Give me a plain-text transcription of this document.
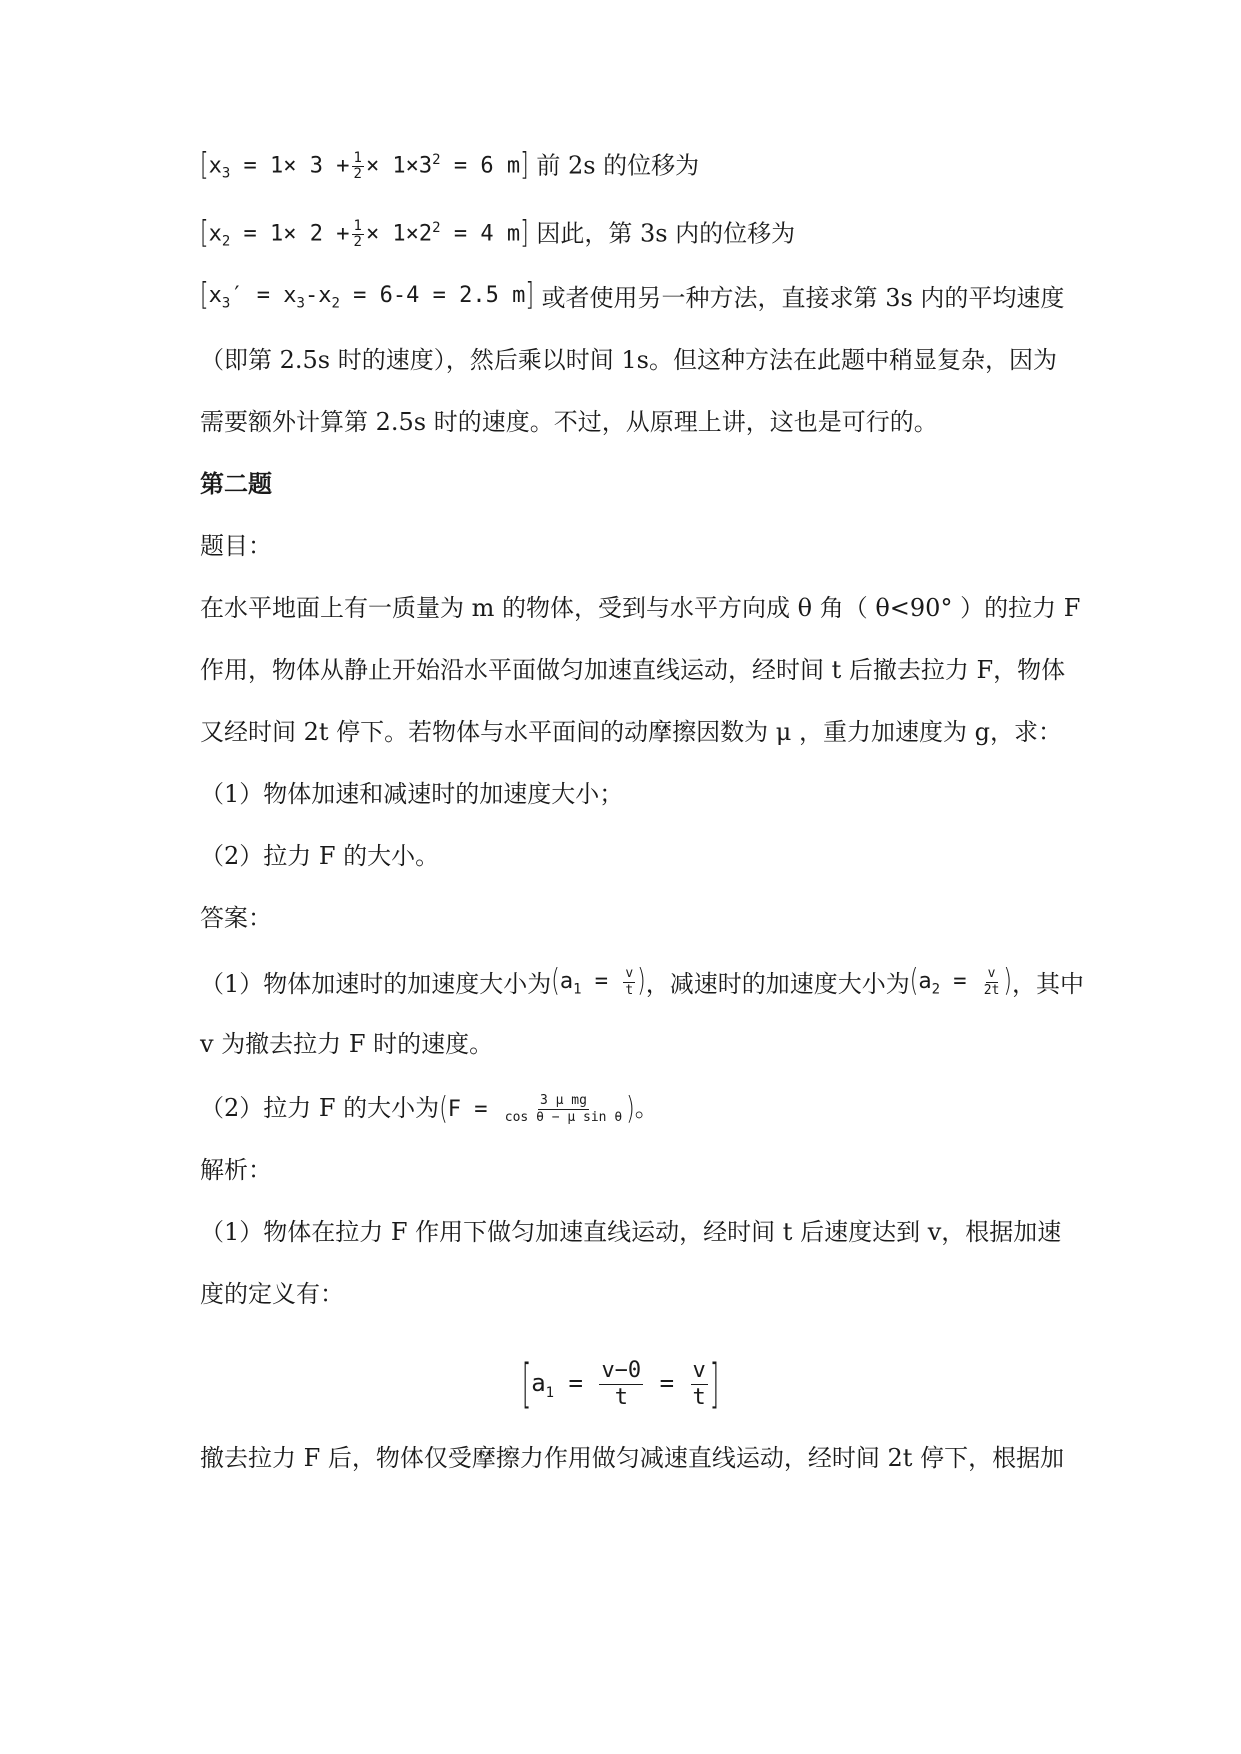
[$x_3 = 1\times 3 + \frac{1}{2} \times 1\times 3^2 = 6$ m] 前 2s 的位移为
[$x_2 = 1\times 2 + \frac{1}{2} \times 1\times 2^2 = 4$ m] 因此，第 3s 内的位移为
[$x_3' = x_3-x_2 = 6-4 = 2.5$ m] 或者使用另一种方法，直接求第 3s 内的平均速度
（即第 2.5s 时的速度），然后乘以时间 1s。但这种方法在此题中稍显复杂，因为
需要额外计算第 2.5s 时的速度。不过，从原理上讲，这也是可行的。
第二题
题目：
在水平地面上有一质量为 m 的物体，受到与水平方向成 θ 角（ θ<90° ）的拉力 F
作用，物体从静止开始沿水平面做匀加速直线运动，经时间 t 后撤去拉力 F，物体
又经时间 2t 停下。若物体与水平面间的动摩擦因数为 μ ，重力加速度为 g，求：
（1）物体加速和减速时的加速度大小；
（2）拉力 F 的大小。
答案：
（1）物体加速时的加速度大小为($a_1 = \frac{v}{t}$ )，减速时的加速度大小为($a_2 = \frac{v}{2t}$ )，其中
v 为撤去拉力 F 时的速度。
（2）拉力 F 的大小为($F = \frac{\text{3 μ mg}}{\text{cos θ − μ sin θ}}$ )。
解析：
（1）物体在拉力 F 作用下做匀加速直线运动，经时间 t 后速度达到 v，根据加速
度的定义有：
[$a_1 = \frac{v-0}{t} = \frac{v}{t}$ ]
撤去拉力 F 后，物体仅受摩擦力作用做匀减速直线运动，经时间 2t 停下，根据加
